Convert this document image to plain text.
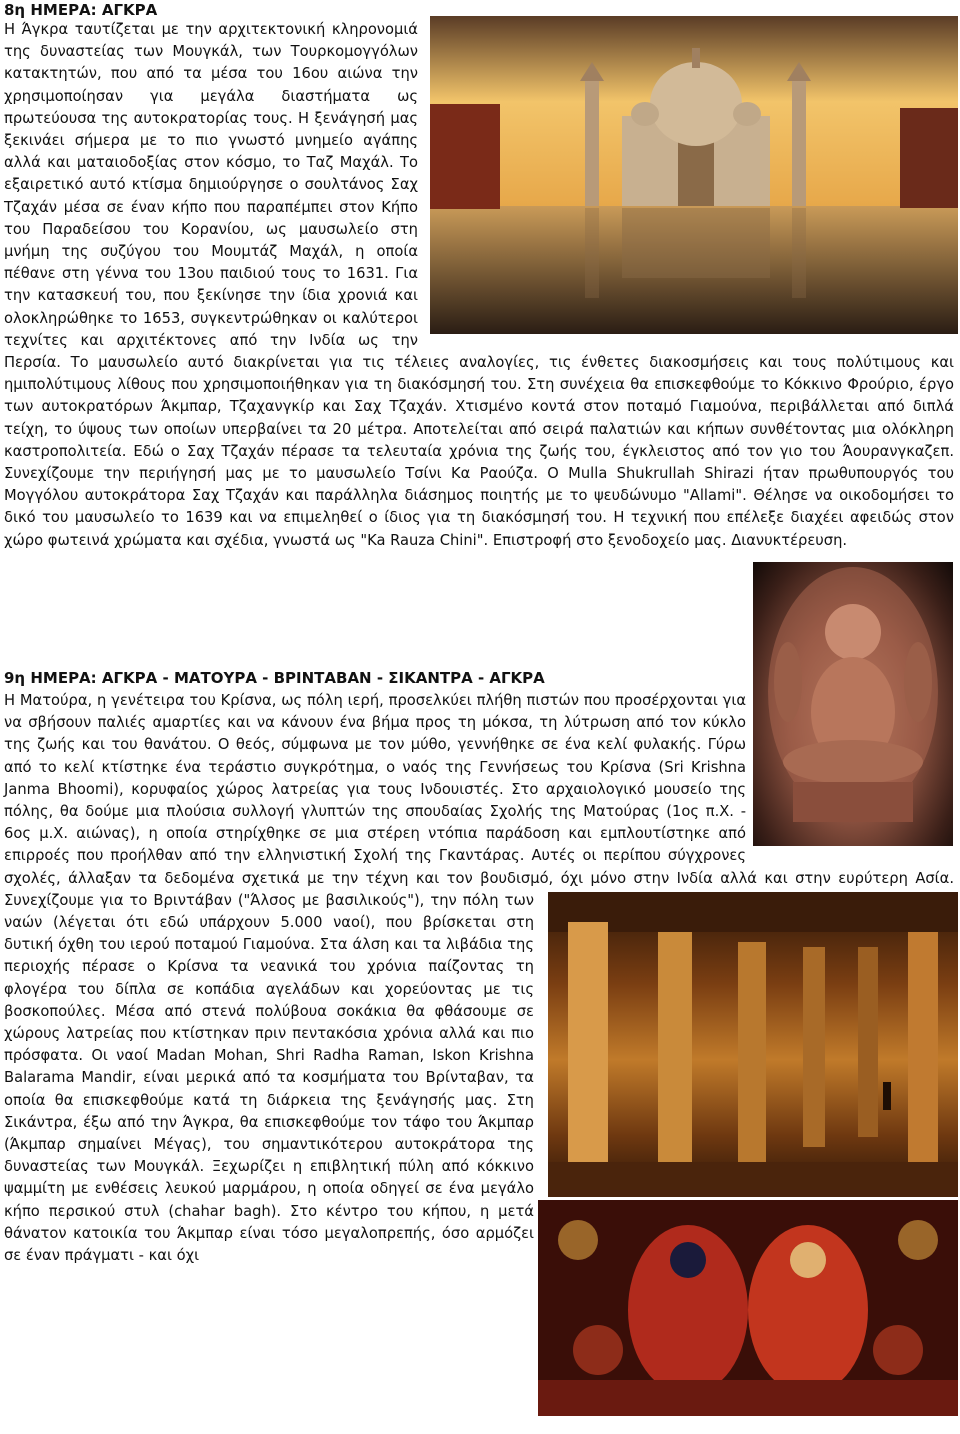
8η ΗΜΕΡΑ: ΑΓΚΡΑ

Η Άγκρα ταυτίζεται με την αρχιτεκτονική κληρονομιά της δυναστείας των Μουγκάλ, των Τουρκομογγόλων κατακτητών, που από τα μέσα του 16ου αιώνα την χρησιμοποίησαν για μεγάλα διαστήματα ως πρωτεύουσα της αυτοκρατορίας τους. Η ξενάγησή μας ξεκινάει σήμερα με το πιο γνωστό μνημείο αγάπης αλλά και ματαιοδοξίας στον κόσμο, το Ταζ Μαχάλ. Το εξαιρετικό αυτό κτίσμα δημιούργησε ο σουλτάνος Σαχ Τζαχάν μέσα σε έναν κήπο που παραπέμπει στον Κήπο του Παραδείσου του Κορανίου, ως μαυσωλείο στη μνήμη της συζύγου του Μουμτάζ Μαχάλ, η οποία πέθανε στη γέννα του 13ου παιδιού τους το 1631. Για την κατασκευή του, που ξεκίνησε την ίδια χρονιά και ολοκληρώθηκε το 1653, συγκεντρώθηκαν οι καλύτεροι τεχνίτες και αρχιτέκτονες από την Ινδία ως την Περσία. Το μαυσωλείο αυτό διακρίνεται για τις τέλειες αναλογίες, τις ένθετες διακοσμήσεις και τους πολύτιμους και ημιπολύτιμους λίθους που χρησιμοποιήθηκαν για τη διακόσμησή του. Στη συνέχεια θα επισκεφθούμε το Κόκκινο Φρούριο, έργο των αυτοκρατόρων Άκμπαρ, Τζαχανγκίρ και Σαχ Τζαχάν. Χτισμένο κοντά στον ποταμό Γιαμούνα, περιβάλλεται από διπλά τείχη, το ύψους των οποίων υπερβαίνει τα 20 μέτρα. Αποτελείται από σειρά παλατιών και κήπων συνθέτοντας μια ολόκληρη καστροπολιτεία. Εδώ ο Σαχ Τζαχάν πέρασε τα τελευταία χρόνια της ζωής του, έγκλειστος από τον γιο του Άουρανγκαζεπ. Συνεχίζουμε την περιήγησή μας με το μαυσωλείο Τσίνι Κα Ραούζα. Ο Mulla Shukrullah Shirazi ήταν πρωθυπουργός του Μογγόλου αυτοκράτορα Σαχ Τζαχάν και παράλληλα διάσημος ποιητής με το ψευδώνυμο "Allami". Θέλησε να οικοδομήσει το δικό του μαυσωλείο το 1639 και να επιμεληθεί ο ίδιος για τη διακόσμησή του. Η τεχνική που επέλεξε διαχέει αφειδώς στον χώρο φωτεινά χρώματα και σχέδια, γνωστά ως "Ka Rauza Chini". Επιστροφή στο ξενοδοχείο μας. Διανυκτέρευση.

9η ΗΜΕΡΑ: ΑΓΚΡΑ - ΜΑΤΟΥΡΑ - ΒΡΙΝΤΑΒΑΝ - ΣΙΚΑΝΤΡΑ - ΑΓΚΡΑ

Η Ματούρα, η γενέτειρα του Κρίσνα, ως πόλη ιερή, προσελκύει πλήθη πιστών που προσέρχονται για να σβήσουν παλιές αμαρτίες και να κάνουν ένα βήμα προς τη μόκσα, τη λύτρωση από τον κύκλο της ζωής και του θανάτου. Ο θεός, σύμφωνα με τον μύθο, γεννήθηκε σε ένα κελί φυλακής. Γύρω από το κελί κτίστηκε ένα τεράστιο συγκρότημα, ο ναός της Γεννήσεως του Κρίσνα (Sri Krishna Janma Bhoomi), κορυφαίος χώρος λατρείας για τους Ινδουιστές. Στο αρχαιολογικό μουσείο της πόλης, θα δούμε μια πλούσια συλλογή γλυπτών της σπουδαίας Σχολής της Ματούρας (1ος π.Χ. - 6ος μ.Χ. αιώνας), η οποία στηρίχθηκε σε μια στέρεη ντόπια παράδοση και εμπλουτίστηκε από επιρροές που προήλθαν από την ελληνιστική Σχολή της Γκαντάρας. Αυτές οι περίπου σύγχρονες σχολές, άλλαξαν τα δεδομένα σχετικά με την τέχνη και τον βουδισμό, όχι μόνο στην Ινδία αλλά και στην ευρύτερη Ασία. Συνεχίζουμε για το Βριντάβαν ("Άλσος με βασιλικούς"), την πόλη των ναών (λέγεται ότι εδώ υπάρχουν 5.000 ναοί), που βρίσκεται στη δυτική όχθη του ιερού ποταμού Γιαμούνα. Στα άλση και τα λιβάδια της περιοχής πέρασε ο Κρίσνα τα νεανικά του χρόνια παίζοντας τη φλογέρα του δίπλα σε κοπάδια αγελάδων και χορεύοντας με τις βοσκοπούλες. Μέσα από στενά πολύβουα σοκάκια θα φθάσουμε σε χώρους λατρείας που κτίστηκαν πριν πεντακόσια χρόνια αλλά και πιο πρόσφατα. Οι ναοί Madan Mohan, Shri Radha Raman, Iskon Krishna Balarama Mandir, είναι μερικά από τα κοσμήματα του Βρίνταβαν, τα οποία θα επισκεφθούμε κατά τη διάρκεια της ξενάγησής μας. Στη Σικάντρα, έξω από την Άγκρα, θα επισκεφθούμε τον τάφο του Άκμπαρ (Άκμπαρ σημαίνει Μέγας), του σημαντικότερου αυτοκράτορα της δυναστείας των Μουγκάλ. Ξεχωρίζει η επιβλητική πύλη από κόκκινο ψαμμίτη με ενθέσεις λευκού μαρμάρου, η οποία οδηγεί σε ένα μεγάλο κήπο περσικού στυλ (chahar bagh). Στο κέντρο του κήπου, η μετά θάνατον κατοικία του Άκμπαρ είναι τόσο μεγαλοπρεπής, όσο αρμόζει σε έναν πράγματι - και όχι
